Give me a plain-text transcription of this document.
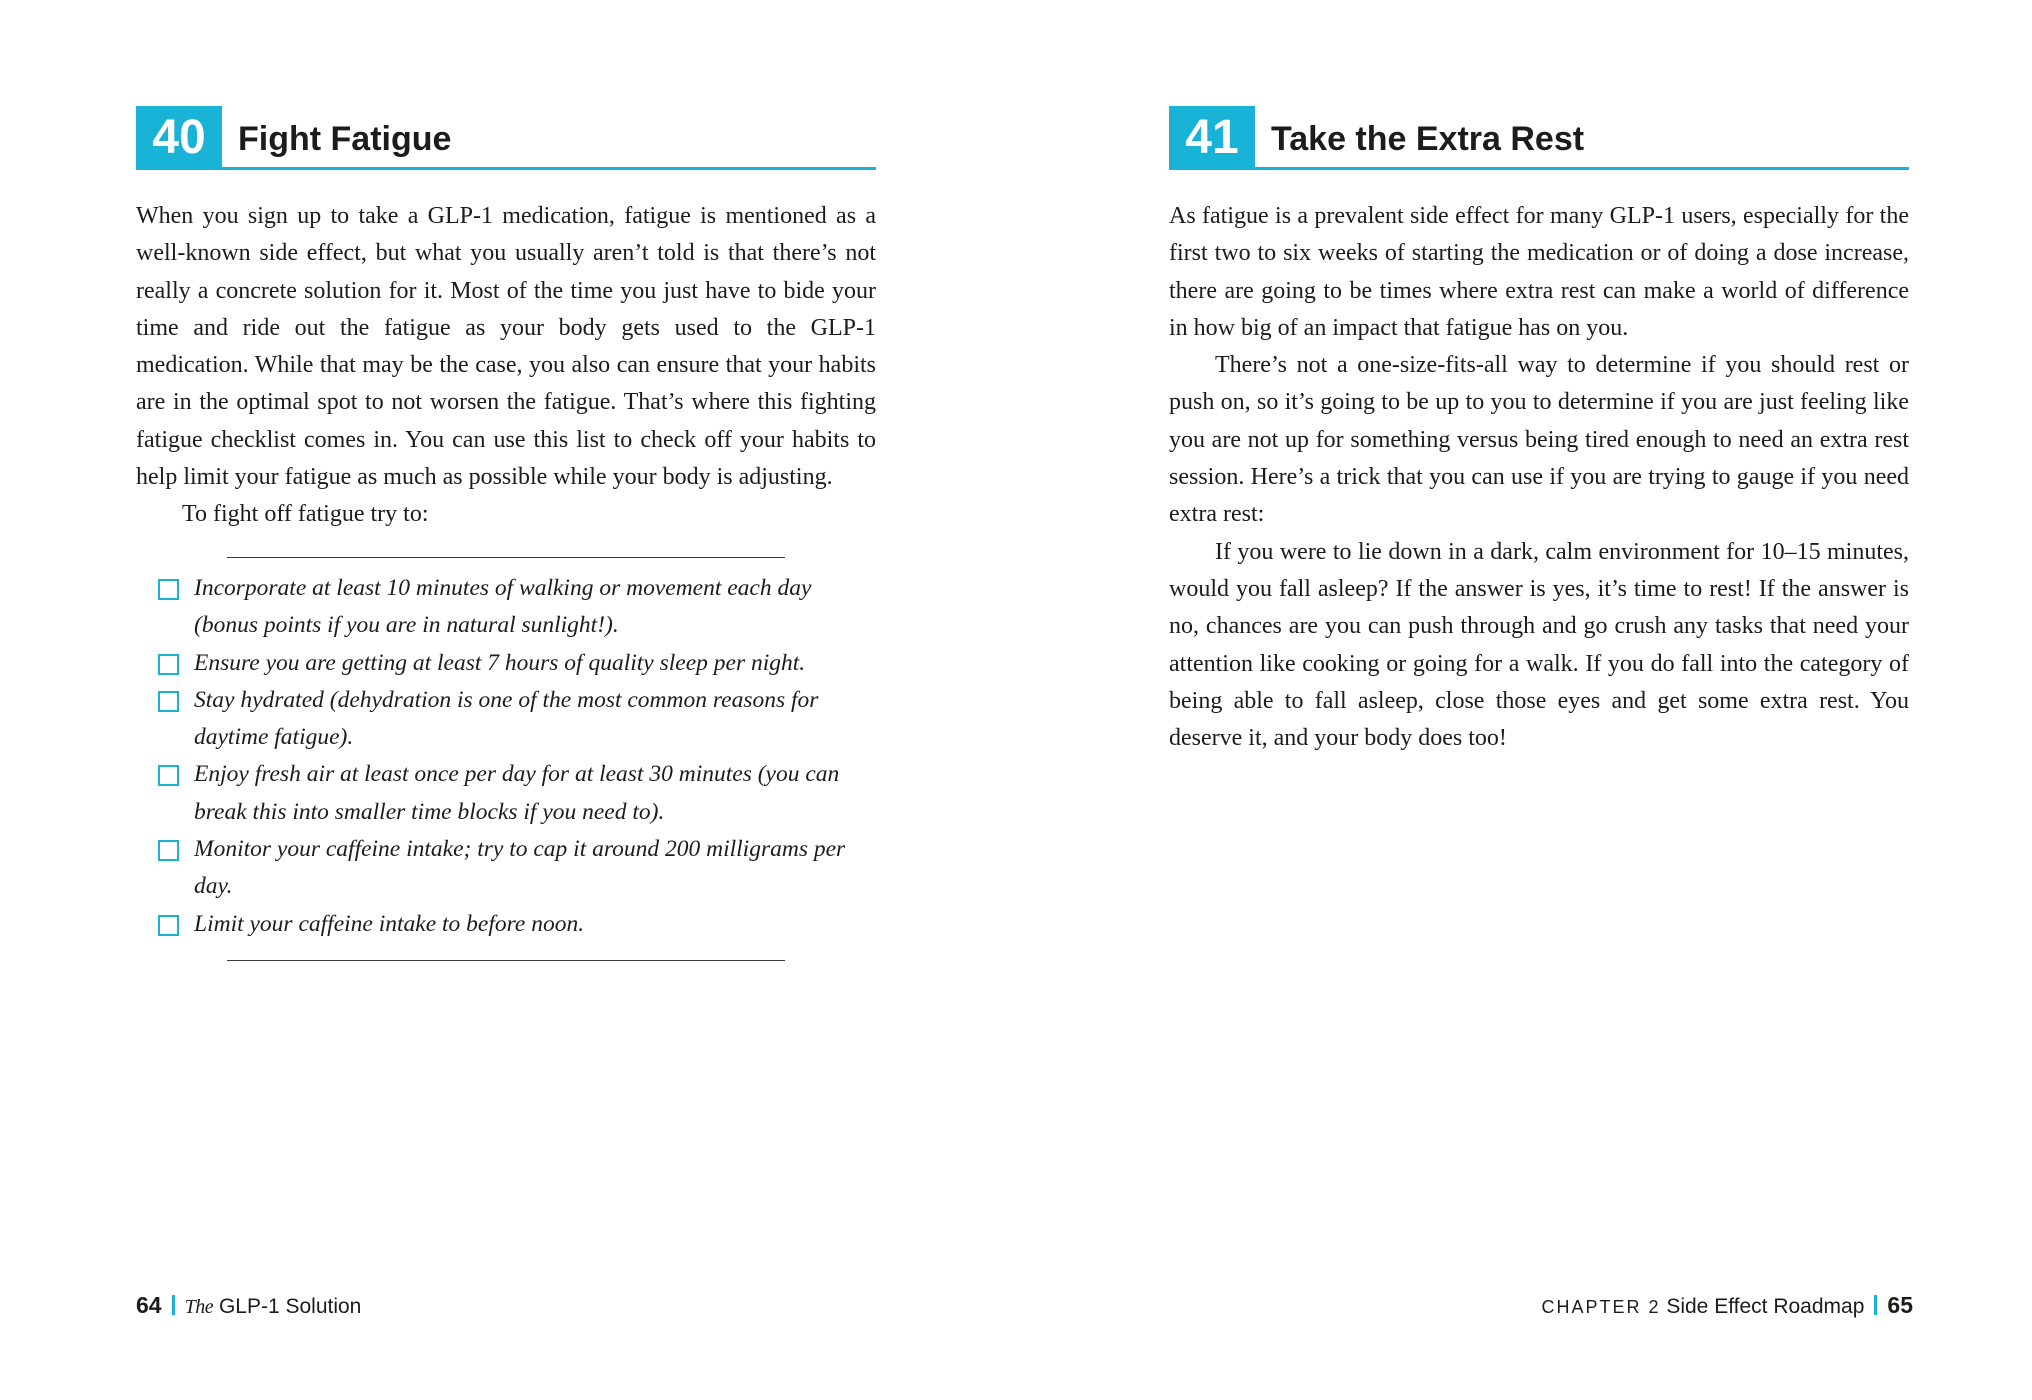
40 Fight Fatigue

When you sign up to take a GLP-1 medication, fatigue is mentioned as a well-known side effect, but what you usually aren’t told is that there’s not really a concrete solution for it. Most of the time you just have to bide your time and ride out the fatigue as your body gets used to the GLP-1 medication. While that may be the case, you also can ensure that your habits are in the optimal spot to not worsen the fatigue. That’s where this fighting fatigue checklist comes in. You can use this list to check off your habits to help limit your fatigue as much as possible while your body is adjusting.

To fight off fatigue try to:

Incorporate at least 10 minutes of walking or movement each day (bonus points if you are in natural sunlight!).
Ensure you are getting at least 7 hours of quality sleep per night.
Stay hydrated (dehydration is one of the most common reasons for daytime fatigue).
Enjoy fresh air at least once per day for at least 30 minutes (you can break this into smaller time blocks if you need to).
Monitor your caffeine intake; try to cap it around 200 milligrams per day.
Limit your caffeine intake to before noon.
41 Take the Extra Rest

As fatigue is a prevalent side effect for many GLP-1 users, especially for the first two to six weeks of starting the medication or of doing a dose increase, there are going to be times where extra rest can make a world of difference in how big of an impact that fatigue has on you.

There’s not a one-size-fits-all way to determine if you should rest or push on, so it’s going to be up to you to determine if you are just feeling like you are not up for something versus being tired enough to need an extra rest session. Here’s a trick that you can use if you are trying to gauge if you need extra rest:

If you were to lie down in a dark, calm environment for 10–15 minutes, would you fall asleep? If the answer is yes, it’s time to rest! If the answer is no, chances are you can push through and go crush any tasks that need your attention like cooking or going for a walk. If you do fall into the category of being able to fall asleep, close those eyes and get some extra rest. You deserve it, and your body does too!

64 The GLP-1 Solution	CHAPTER 2 Side Effect Roadmap 65
